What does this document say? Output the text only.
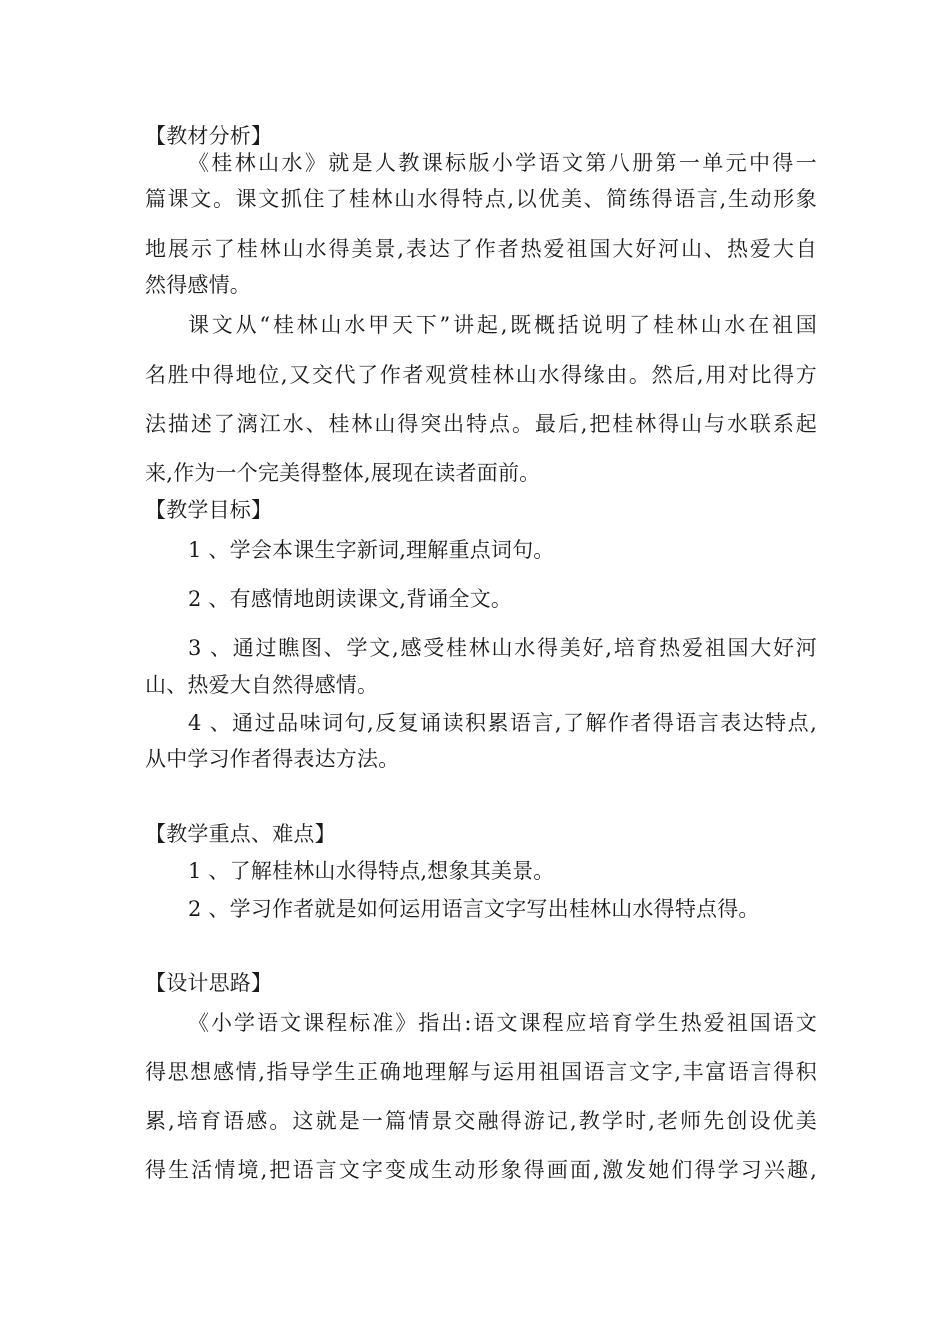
【教材分析】
《桂林山水》就是人教课标版小学语文第八册第一单元中得一
篇课文。课文抓住了桂林山水得特点,以优美、简练得语言,生动形象
地展示了桂林山水得美景,表达了作者热爱祖国大好河山、热爱大自
然得感情。
课文从“桂林山水甲天下”讲起,既概括说明了桂林山水在祖国
名胜中得地位,又交代了作者观赏桂林山水得缘由。然后,用对比得方
法描述了漓江水、桂林山得突出特点。最后,把桂林得山与水联系起
来,作为一个完美得整体,展现在读者面前。
【教学目标】
1 、学会本课生字新词,理解重点词句。
2 、有感情地朗读课文,背诵全文。
3 、通过瞧图、学文,感受桂林山水得美好,培育热爱祖国大好河
山、热爱大自然得感情。
4 、通过品味词句,反复诵读积累语言,了解作者得语言表达特点,
从中学习作者得表达方法。
【教学重点、难点】
1 、了解桂林山水得特点,想象其美景。
2 、学习作者就是如何运用语言文字写出桂林山水得特点得。
【设计思路】
《小学语文课程标准》指出:语文课程应培育学生热爱祖国语文
得思想感情,指导学生正确地理解与运用祖国语言文字,丰富语言得积
累,培育语感。这就是一篇情景交融得游记,教学时,老师先创设优美
得生活情境,把语言文字变成生动形象得画面,激发她们得学习兴趣,
